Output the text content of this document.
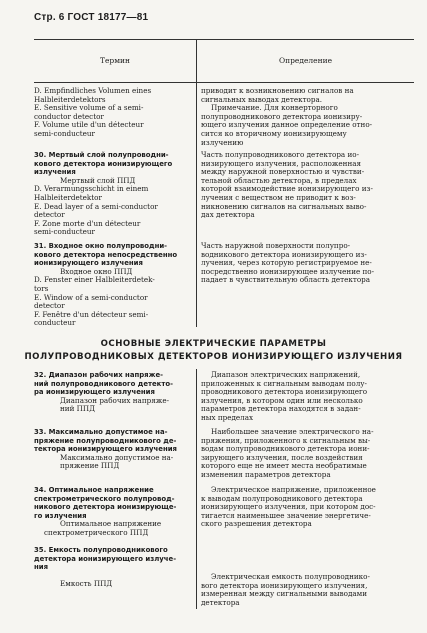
Стр. 6 ГОСТ 18177—81
Термин	Определение
D. Empfindliches Volumen eines
Halbleiterdetektors
E. Sensitive volume of a semi-
conductor detector
F. Volume utile d'un détecteur
semi-conducteur
приводит к возникновению сигналов на
сигнальных выводах детектора.
Примечание. Для конверторного
полупроводникового детектора ионизиру-
ющего излучения данное определение отно-
сится ко вторичному ионизирующему
излучению
30. Мертвый слой полупроводни-
кового детектора ионизирующего
излучения
Мертвый слой ППД
D. Verarmungsschicht in einem
Halbleiterdetektor
E. Dead layer of a semi-conductor
detector
F. Zone morte d'un détecteur
semi-conducteur
Часть полупроводникового детектора ио-
низирующего излучения, расположенная
между наружной поверхностью и чувстви-
тельной областью детектора, в пределах
которой взаимодействие ионизирующего из-
лучения с веществом не приводит к воз-
никновению сигналов на сигнальных выво-
дах детектора
31. Входное окно полупроводни-
кового детектора непосредственно
ионизирующего излучения
Входное окно ППД
D. Fenster einer Halbleiterdetek-
tors
E. Window of a semi-conductor
detector
F. Fenêtre d'un détecteur semi-
conducteur
Часть наружной поверхности полупро-
водникового детектора ионизирующего из-
лучения, через которую регистрируемое не-
посредственно ионизирующее излучение по-
падает в чувствительную область детектора
ОСНОВНЫЕ ЭЛЕКТРИЧЕСКИЕ ПАРАМЕТРЫ
ПОЛУПРОВОДНИКОВЫХ ДЕТЕКТОРОВ ИОНИЗИРУЮЩЕГО ИЗЛУЧЕНИЯ
32. Диапазон рабочих напряже-
ний полупроводникового детекто-
ра ионизирующего излучения
Диапазон рабочих напряже-
ний ППД
Диапазон электрических напряжений,
приложенных к сигнальным выводам полу-
проводникового детектора ионизирующего
излучения, в котором один или несколько
параметров детектора находятся в задан-
ных пределах
33. Максимально допустимое на-
пряжение полупроводникового де-
тектора ионизирующего излучения
Максимально допустимое на-
пряжение ППД
Наибольшее значение электрического на-
пряжения, приложенного к сигнальным вы-
водам полупроводникового детектора иони-
зирующего излучения, после воздействия
которого еще не имеет места необратимые
изменения параметров детектора
34. Оптимальное напряжение
спектрометрического полупровод-
никового детектора ионизирующе-
го излучения
Оптимальное напряжение
спектрометрического ППД
Электрическое напряжение, приложенное
к выводам полупроводникового детектора
ионизирующего излучения, при котором дос-
тигается наименьшее значение энергетиче-
ского разрешения детектора
35. Емкость полупроводникового
детектора ионизирующего излуче-
ния
Емкость ППД
Электрическая емкость полупроводнико-
вого детектора ионизирующего излучения,
измеренная между сигнальными выводами
детектора
